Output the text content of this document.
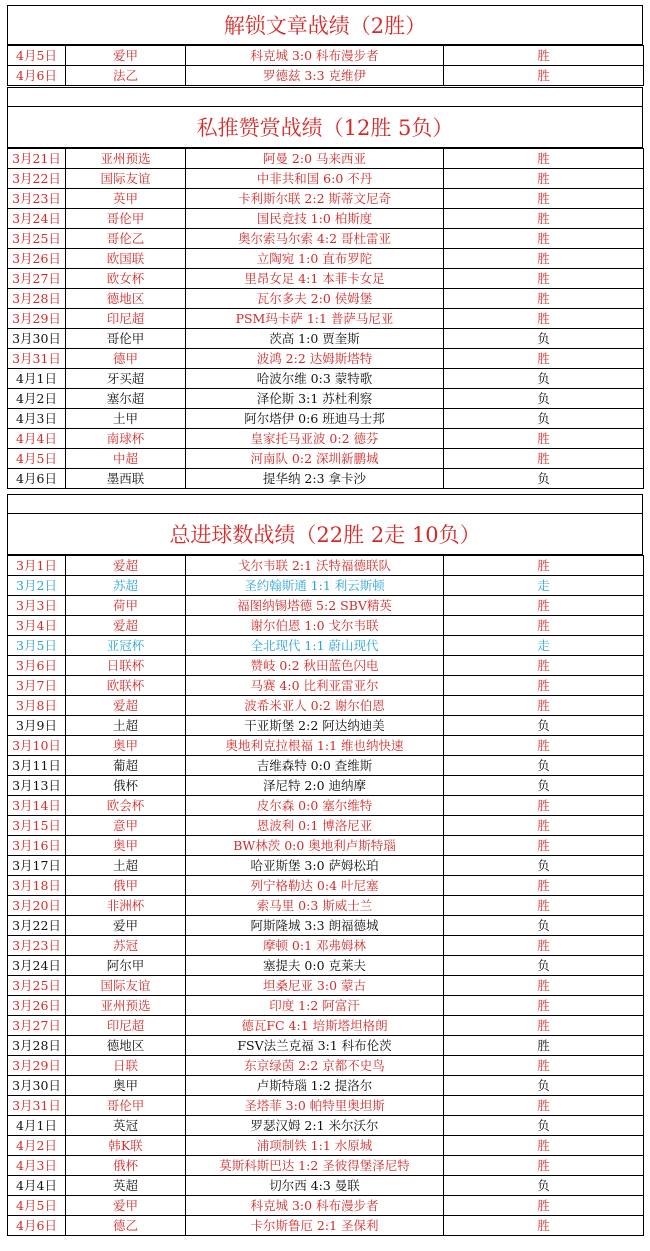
解锁文章战绩（2胜）
4月5日	爱甲	科克城 3:0 科布漫步者	胜
4月6日	法乙	罗德兹 3:3 克维伊	胜
私推赞赏战绩（12胜 5负）
3月21日	亚州预选	阿曼 2:0 马来西亚	胜
3月22日	国际友谊	中非共和国 6:0 不丹	胜
3月23日	英甲	卡利斯尔联 2:2 斯蒂文尼奇	胜
3月24日	哥伦甲	国民竞技 1:0 柏斯度	胜
3月25日	哥伦乙	奥尔索马尔索 4:2 哥杜雷亚	胜
3月26日	欧国联	立陶宛 1:0 直布罗陀	胜
3月27日	欧女杯	里昂女足 4:1 本菲卡女足	胜
3月28日	德地区	瓦尔多夫 2:0 侯姆堡	胜
3月29日	印尼超	PSM玛卡萨 1:1 普萨马尼亚	胜
3月30日	哥伦甲	茨高 1:0 贾奎斯	负
3月31日	德甲	波鸿 2:2 达姆斯塔特	胜
4月1日	牙买超	哈波尔维 0:3 蒙特歌	负
4月2日	塞尔超	泽伦斯 3:1 苏杜利察	负
4月3日	土甲	阿尔塔伊 0:6 班迪马士邦	负
4月4日	南球杯	皇家托马亚波 0:2 德芬	胜
4月5日	中超	河南队 0:2 深圳新鹏城	胜
4月6日	墨西联	提华纳 2:3 拿卡沙	负
总进球数战绩（22胜 2走 10负）
3月1日	爱超	戈尔韦联 2:1 沃特福德联队	胜
3月2日	苏超	圣约翰斯通 1:1 利云斯顿	走
3月3日	荷甲	福图纳锡塔德 5:2 SBV精英	胜
3月4日	爱超	谢尔伯恩 1:0 戈尔韦联	胜
3月5日	亚冠杯	全北现代 1:1 蔚山现代	走
3月6日	日联杯	赞岐 0:2 秋田蓝色闪电	胜
3月7日	欧联杯	马赛 4:0 比利亚雷亚尔	胜
3月8日	爱超	波希米亚人 0:2 谢尔伯恩	胜
3月9日	土超	干亚斯堡 2:2 阿达纳迪美	负
3月10日	奥甲	奥地利克拉根福 1:1 维也纳快速	胜
3月11日	葡超	吉维森特 0:0 查维斯	负
3月13日	俄杯	泽尼特 2:0 迪纳摩	负
3月14日	欧会杯	皮尔森 0:0 塞尔维特	胜
3月15日	意甲	恩波利 0:1 博洛尼亚	胜
3月16日	奥甲	BW林茨 0:0 奥地利卢斯特瑙	胜
3月17日	土超	哈亚斯堡 3:0 萨姆松珀	负
3月18日	俄甲	列宁格勒达 0:4 叶尼塞	胜
3月20日	非洲杯	索马里 0:3 斯威士兰	胜
3月22日	爱甲	阿斯隆城 3:3 朗福德城	负
3月23日	苏冠	摩顿 0:1 邓弗姆林	胜
3月24日	阿尔甲	塞提夫 0:0 克莱夫	负
3月25日	国际友谊	坦桑尼亚 3:0 蒙古	胜
3月26日	亚州预选	印度 1:2 阿富汗	胜
3月27日	印尼超	德瓦FC 4:1 培斯塔坦格朗	胜
3月28日	德地区	FSV法兰克福 3:1 科布伦茨	胜
3月29日	日联	东京绿茵 2:2 京都不史鸟	胜
3月30日	奥甲	卢斯特瑙 1:2 提洛尔	负
3月31日	哥伦甲	圣塔菲 3:0 帕特里奥坦斯	胜
4月1日	英冠	罗瑟汉姆 2:1 米尔沃尔	负
4月2日	韩K联	浦项制铁 1:1 水原城	胜
4月3日	俄杯	莫斯科斯巴达 1:2 圣彼得堡泽尼特	胜
4月4日	英超	切尔西 4:3 曼联	负
4月5日	爱甲	科克城 3:0 科布漫步者	胜
4月6日	德乙	卡尔斯鲁厄 2:1 圣保利	胜
